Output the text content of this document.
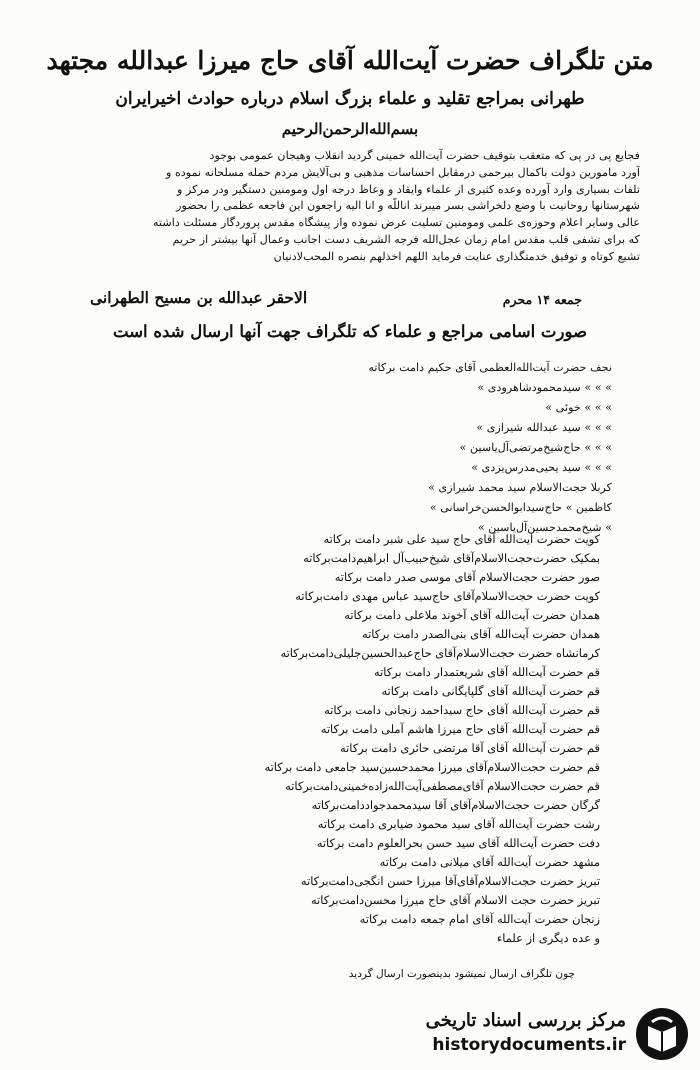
متن تلگراف حضرت آیت‌الله آقای حاج میرزا عبدالله مجتهد
طهرانی بمراجع تقلید و علماء بزرگ اسلام درباره حوادث اخیرایران
بسم‌الله‌الرحمن‌الرحیم
فجایع پی در پی که متعقب بتوقیف حضرت آیت‌الله خمینی گردید انقلاب وهیجان عمومی بوجود
آورد مامورین دولت باکمال بیرحمی درمقابل احساسات مذهبی و بی‌آلایش مردم حمله مسلحانه نموده و
تلفات بسیاری وارد آورده وعده کثیری از علماء وایقاد و وعاظ درجه اول ومومنین دستگیر ودر مرکز و
شهرستانها روحانیت با وضع دلخراشی بسر میبرند اناللّه و انا الیه راجعون این فاجعه عظمی را بحضور
عالی وسایر اعلام وحوزه‌ی علمی ومومنین تسلیت عرض نموده واز پیشگاه مقدس پروردگار مسئلت داشته
که برای تشفی قلب مقدس امام زمان عجل‌الله فرجه الشریف دست اجانب وعمال آنها بیشتر از حریم
تشیع کوتاه و توفیق خدمتگذاری عنایت فرماید اللهم اخذلهم بنصره المحب‌لادنیان
جمعه ۱۴ محرم
الاحقر عبدالله بن مسیح الطهرانی
صورت اسامی مراجع و علماء که تلگراف جهت آنها ارسال شده است
نجف حضرت آیت‌الله‌العظمی آقای حکیم دامت برکاته
» » » سیدمحمودشاهرودی »
» » » خوئی »
» » » سید عبدالله شیرازی »
» » » حاج‌شیخ‌مرتضی‌آل‌یاسین »
» » » سید یحیی‌مدرس‌یزدی »
کربلا حجت‌الاسلام سید محمد شیرازی »
کاظمین » حاج‌سیدابوالحسن‌خراسانی »
» شیخ‌محمدحسین‌آل‌یاسین »
کویت حضرت آیت‌الله آقای حاج سید علی شبر دامت برکاته
بمکیک حضرت‌حجت‌الاسلام‌آقای شیخ‌حبیب‌آل ابراهیم‌دامت‌برکاته
صور حضرت حجت‌الاسلام آقای موسی صدر دامت برکاته
کویت حضرت حجت‌الاسلام‌آقای حاج‌سید عباس مهدی دامت‌برکاته
همدان حضرت آیت‌الله آقای آخوند ملاعلی دامت برکاته
همدان حضرت آیت‌الله آقای بنی‌الصدر دامت برکاته
کرمانشاه حضرت حجت‌الاسلام‌آقای حاج‌عبدالحسین‌جلیلی‌دامت‌برکاته
قم حضرت آیت‌الله آقای شریعتمدار دامت برکاته
قم حضرت آیت‌الله آقای گلپایگانی دامت برکاته
قم حضرت آیت‌الله آقای حاج سیداحمد زنجانی دامت برکاته
قم حضرت آیت‌الله آقای حاج میرزا هاشم آملی دامت برکاته
قم حضرت آیت‌الله آقای آقا مرتضی حائری دامت برکاته
قم حضرت حجت‌الاسلام‌آقای میرزا محمدحسین‌سید جامعی دامت برکاته
قم حضرت حجت‌الاسلام آقای‌مصطفی‌آیت‌الله‌زاده‌خمینی‌دامت‌برکاته
گرگان حضرت حجت‌الاسلام‌آقای آقا سیدمحمدجواد‌دامت‌برکاته
رشت حضرت آیت‌الله آقای سید محمود ضیابری دامت برکاته
دفت حضرت آیت‌الله آقای سید حسن بحرالعلوم دامت برکاته
مشهد حضرت آیت‌الله آقای میلانی دامت برکاته
تبریز حضرت حجت‌الاسلام‌آقای‌آقا میرزا حسن انگجی‌دامت‌برکاته
تبریز حضرت حجت الاسلام آقای حاج میرزا محسن‌دامت‌برکاته
زنجان حضرت آیت‌الله آقای امام جمعه دامت برکاته
و عده دیگری از علماء
چون تلگراف ارسال نمیشود بدینصورت ارسال گردید
مرکز بررسی اسناد تاریخی
historydocuments.ir
